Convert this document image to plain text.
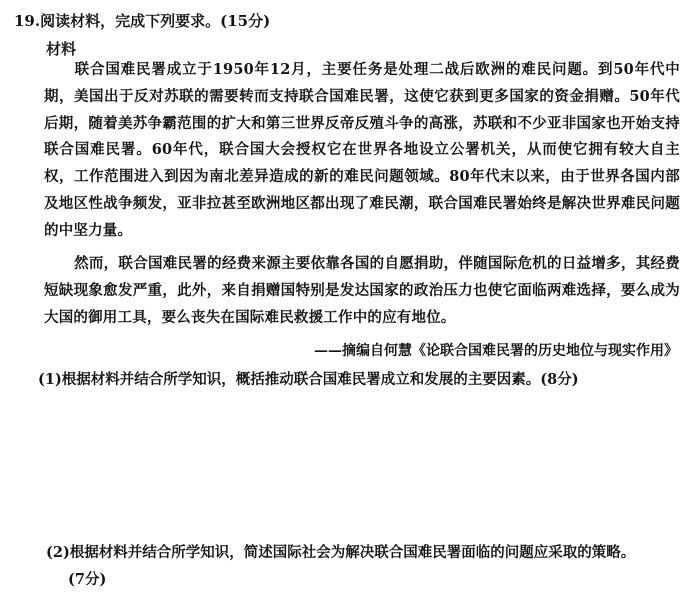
19.阅读材料，完成下列要求。(15分)
材料
联合国难民署成立于1950年12月，主要任务是处理二战后欧洲的难民问题。到50年代中期，美国出于反对苏联的需要转而支持联合国难民署，这使它获到更多国家的资金捐赠。50年代后期，随着美苏争霸范围的扩大和第三世界反帝反殖斗争的高涨，苏联和不少亚非国家也开始支持联合国难民署。60年代，联合国大会授权它在世界各地设立公署机关，从而使它拥有较大自主权，工作范围进入到因为南北差异造成的新的难民问题领域。80年代末以来，由于世界各国内部及地区性战争频发，亚非拉甚至欧洲地区都出现了难民潮，联合国难民署始终是解决世界难民问题的中坚力量。
然而，联合国难民署的经费来源主要依靠各国的自愿捐助，伴随国际危机的日益增多，其经费短缺现象愈发严重，此外，来自捐赠国特别是发达国家的政治压力也使它面临两难选择，要么成为大国的御用工具，要么丧失在国际难民救援工作中的应有地位。
——摘编自何慧《论联合国难民署的历史地位与现实作用》
(1)根据材料并结合所学知识，概括推动联合国难民署成立和发展的主要因素。(8分)
(2)根据材料并结合所学知识，简述国际社会为解决联合国难民署面临的问题应采取的策略。
(7分)
